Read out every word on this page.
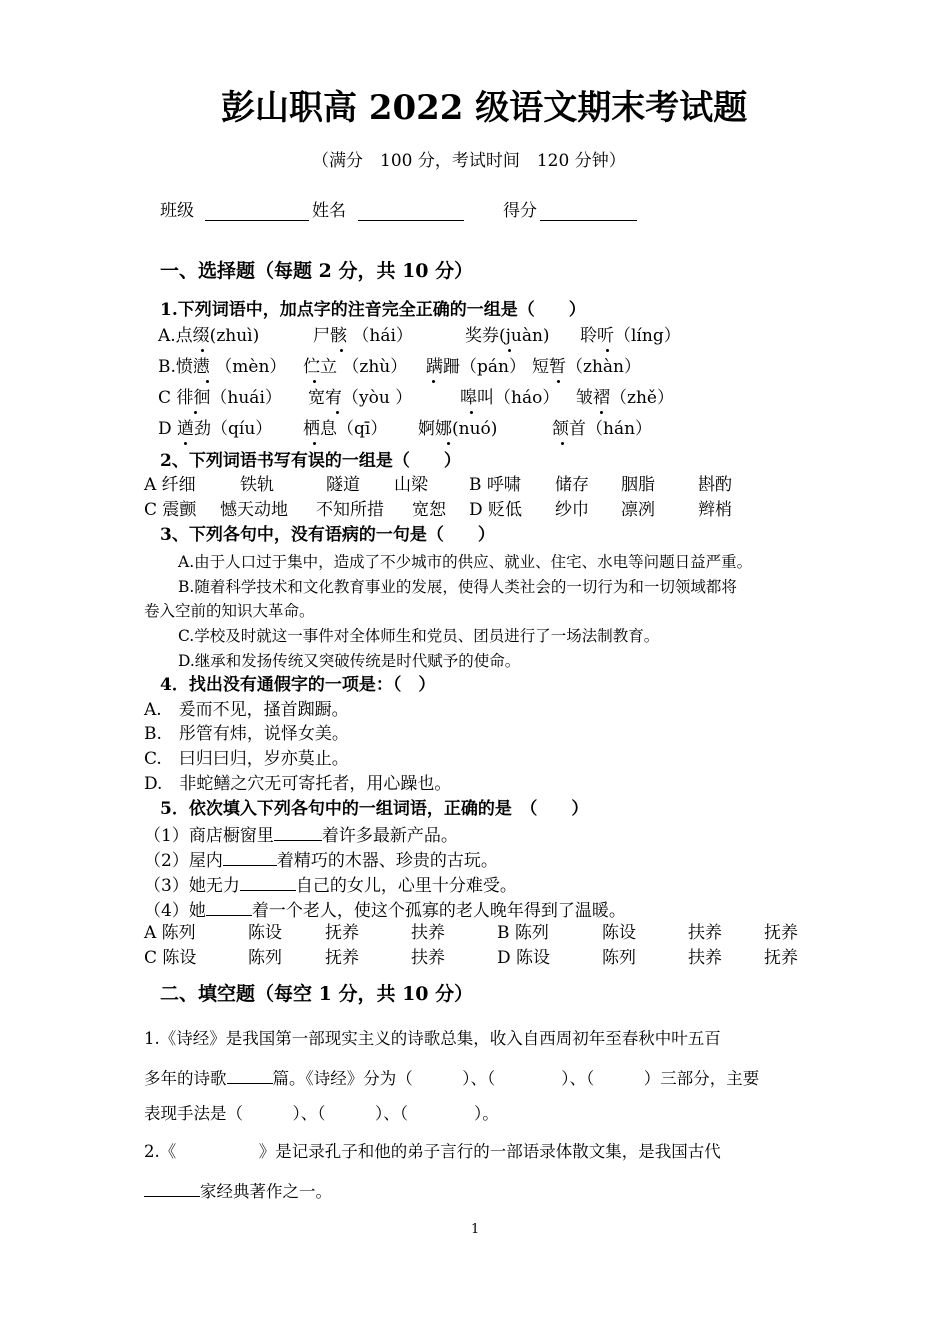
彭山职高 2022 级语文期末考试题
（满分　100 分，考试时间　120 分钟）
班级	姓名	得分
一、选择题（每题 2 分，共 10 分）
1.下列词语中，加点字的注音完全正确的一组是（　　）
A.点缀(zhuì)	尸骸 （hái）	奖券(juàn) 聆听（líng）
B.愤懑 （mèn） 伫立 （zhù） 蹒跚（pán） 短暂（zhàn）
C 徘徊（huái） 宽宥（yòu ）	嗥叫（háo） 皱褶（zhě）
D 遒劲（qíu） 栖息（qī） 婀娜(nuó)	颔首（hán）
2、下列词语书写有误的一组是（　　）
A 纤细	铁轨	隧道 山梁 B 呼啸 储存 胭脂	斟酌
C 震颤 憾天动地 不知所措 宽恕 D 贬低 纱巾 凛冽	辫梢
3、下列各句中，没有语病的一句是（　　）
A.由于人口过于集中，造成了不少城市的供应、就业、住宅、水电等问题日益严重。
B.随着科学技术和文化教育事业的发展，使得人类社会的一切行为和一切领域都将
卷入空前的知识大革命。
C.学校及时就这一事件对全体师生和党员、团员进行了一场法制教育。
D.继承和发扬传统又突破传统是时代赋予的使命。
4．找出没有通假字的一项是：（　）
A.　爰而不见，搔首踟蹰。
B.　彤管有炜，说怿女美。
C.　曰归曰归，岁亦莫止。
D.　非蛇鳝之穴无可寄托者，用心躁也。
5．依次填入下列各句中的一组词语，正确的是　（　　）
（1）商店橱窗里	着许多最新产品。
（2）屋内	着精巧的木器、珍贵的古玩。
（3）她无力	自己的女儿，心里十分难受。
（4）她	着一个老人，使这个孤寡的老人晚年得到了温暖。
A 陈列	陈设	抚养	扶养	B 陈列	陈设	扶养 抚养
C 陈设	陈列	抚养	扶养	D 陈设	陈列	扶养 抚养
二、填空题（每空 1 分，共 10 分）
1.《诗经》是我国第一部现实主义的诗歌总集，收入自西周初年至春秋中叶五百
多年的诗歌	篇。《诗经》分为（　　　）、（　　　　）、（　　　）三部分，主要
表现手法是（　　　）、（　　　）、（　　　　）。
2.《　　　　　》是记录孔子和他的弟子言行的一部语录体散文集，是我国古代
家经典著作之一。
1
